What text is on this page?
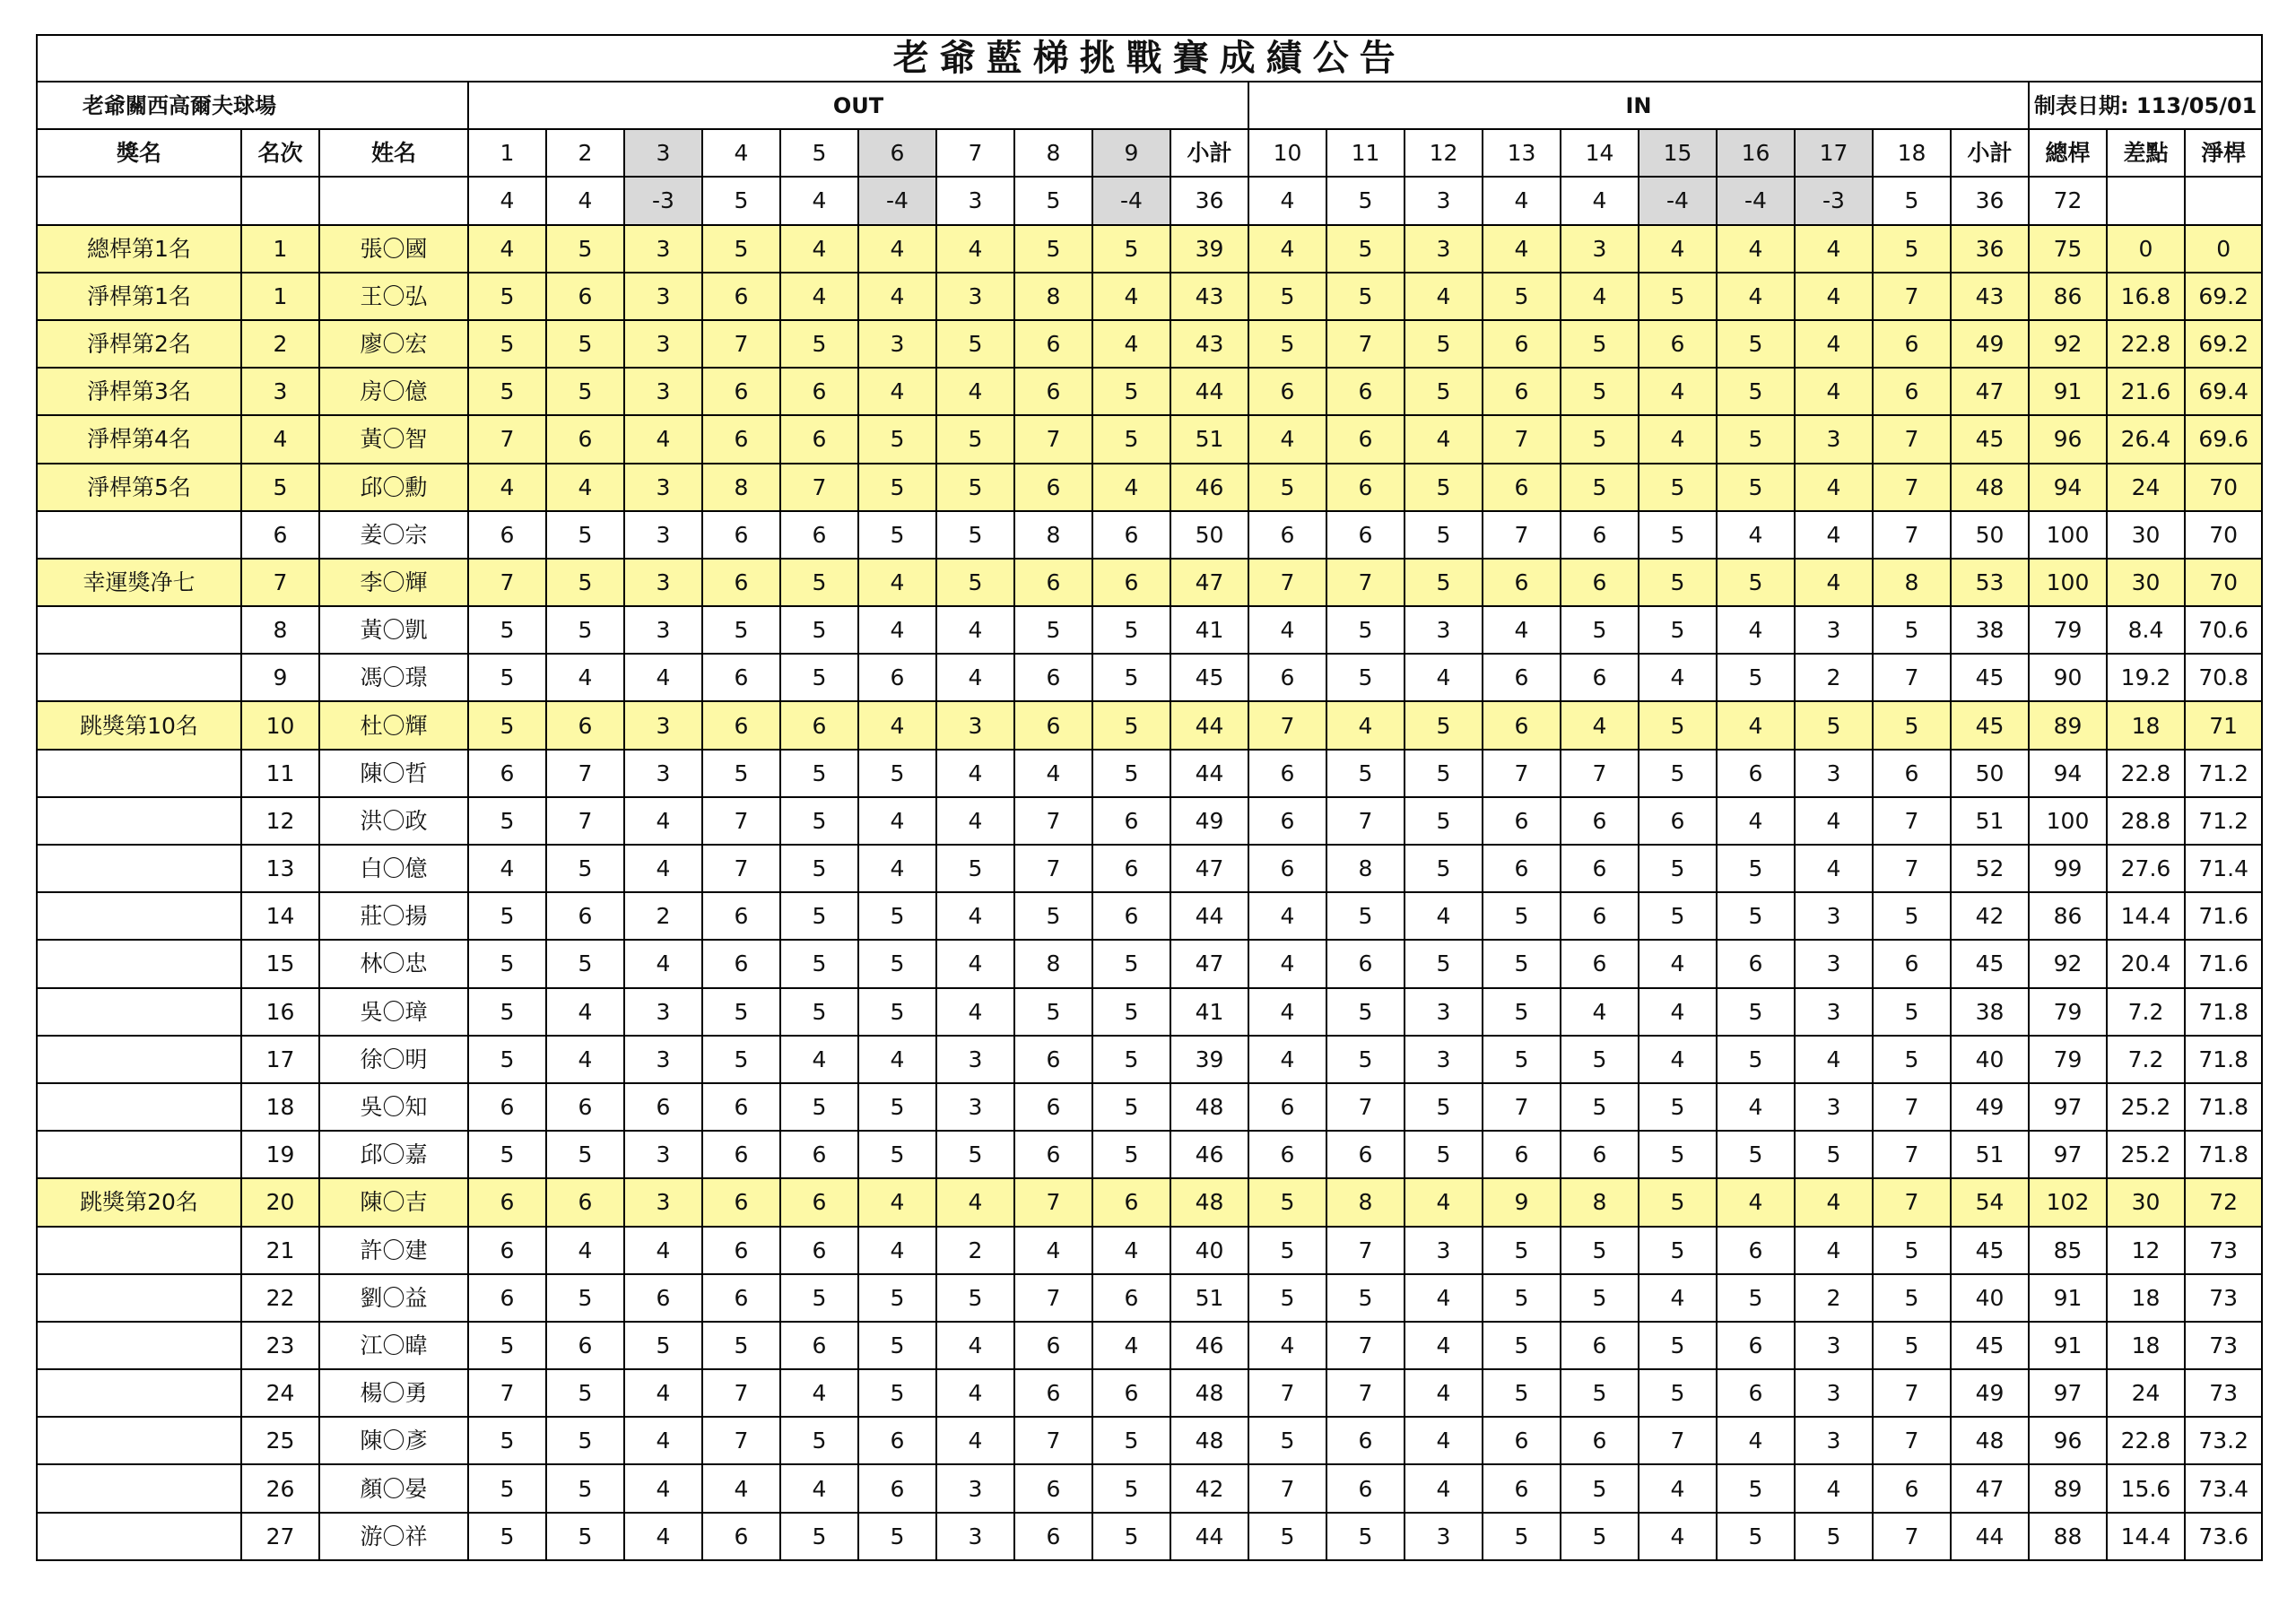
老爺藍梯挑戰賽成績公告																									
老爺關西高爾夫球場			OUT										IN										制表日期: 113/05/01		
獎名	名次	姓名	1	2	3	4	5	6	7	8	9	小計	10	11	12	13	14	15	16	17	18	小計	總桿	差點	淨桿
			4	4	-3	5	4	-4	3	5	-4	36	4	5	3	4	4	-4	-4	-3	5	36	72		
總桿第1名	1	張〇國	4	5	3	5	4	4	4	5	5	39	4	5	3	4	3	4	4	4	5	36	75	0	0
淨桿第1名	1	王〇弘	5	6	3	6	4	4	3	8	4	43	5	5	4	5	4	5	4	4	7	43	86	16.8	69.2
淨桿第2名	2	廖〇宏	5	5	3	7	5	3	5	6	4	43	5	7	5	6	5	6	5	4	6	49	92	22.8	69.2
淨桿第3名	3	房〇億	5	5	3	6	6	4	4	6	5	44	6	6	5	6	5	4	5	4	6	47	91	21.6	69.4
淨桿第4名	4	黃〇智	7	6	4	6	6	5	5	7	5	51	4	6	4	7	5	4	5	3	7	45	96	26.4	69.6
淨桿第5名	5	邱〇勳	4	4	3	8	7	5	5	6	4	46	5	6	5	6	5	5	5	4	7	48	94	24	70
	6	姜〇宗	6	5	3	6	6	5	5	8	6	50	6	6	5	7	6	5	4	4	7	50	100	30	70
幸運獎净七	7	李〇輝	7	5	3	6	5	4	5	6	6	47	7	7	5	6	6	5	5	4	8	53	100	30	70
	8	黃〇凱	5	5	3	5	5	4	4	5	5	41	4	5	3	4	5	5	4	3	5	38	79	8.4	70.6
	9	馮〇璟	5	4	4	6	5	6	4	6	5	45	6	5	4	6	6	4	5	2	7	45	90	19.2	70.8
跳獎第10名	10	杜〇輝	5	6	3	6	6	4	3	6	5	44	7	4	5	6	4	5	4	5	5	45	89	18	71
	11	陳〇哲	6	7	3	5	5	5	4	4	5	44	6	5	5	7	7	5	6	3	6	50	94	22.8	71.2
	12	洪〇政	5	7	4	7	5	4	4	7	6	49	6	7	5	6	6	6	4	4	7	51	100	28.8	71.2
	13	白〇億	4	5	4	7	5	4	5	7	6	47	6	8	5	6	6	5	5	4	7	52	99	27.6	71.4
	14	莊〇揚	5	6	2	6	5	5	4	5	6	44	4	5	4	5	6	5	5	3	5	42	86	14.4	71.6
	15	林〇忠	5	5	4	6	5	5	4	8	5	47	4	6	5	5	6	4	6	3	6	45	92	20.4	71.6
	16	吳〇璋	5	4	3	5	5	5	4	5	5	41	4	5	3	5	4	4	5	3	5	38	79	7.2	71.8
	17	徐〇明	5	4	3	5	4	4	3	6	5	39	4	5	3	5	5	4	5	4	5	40	79	7.2	71.8
	18	吳〇知	6	6	6	6	5	5	3	6	5	48	6	7	5	7	5	5	4	3	7	49	97	25.2	71.8
	19	邱〇嘉	5	5	3	6	6	5	5	6	5	46	6	6	5	6	6	5	5	5	7	51	97	25.2	71.8
跳獎第20名	20	陳〇吉	6	6	3	6	6	4	4	7	6	48	5	8	4	9	8	5	4	4	7	54	102	30	72
	21	許〇建	6	4	4	6	6	4	2	4	4	40	5	7	3	5	5	5	6	4	5	45	85	12	73
	22	劉〇益	6	5	6	6	5	5	5	7	6	51	5	5	4	5	5	4	5	2	5	40	91	18	73
	23	江〇暐	5	6	5	5	6	5	4	6	4	46	4	7	4	5	6	5	6	3	5	45	91	18	73
	24	楊〇勇	7	5	4	7	4	5	4	6	6	48	7	7	4	5	5	5	6	3	7	49	97	24	73
	25	陳〇彥	5	5	4	7	5	6	4	7	5	48	5	6	4	6	6	7	4	3	7	48	96	22.8	73.2
	26	顏〇晏	5	5	4	4	4	6	3	6	5	42	7	6	4	6	5	4	5	4	6	47	89	15.6	73.4
	27	游〇祥	5	5	4	6	5	5	3	6	5	44	5	5	3	5	5	4	5	5	7	44	88	14.4	73.6
